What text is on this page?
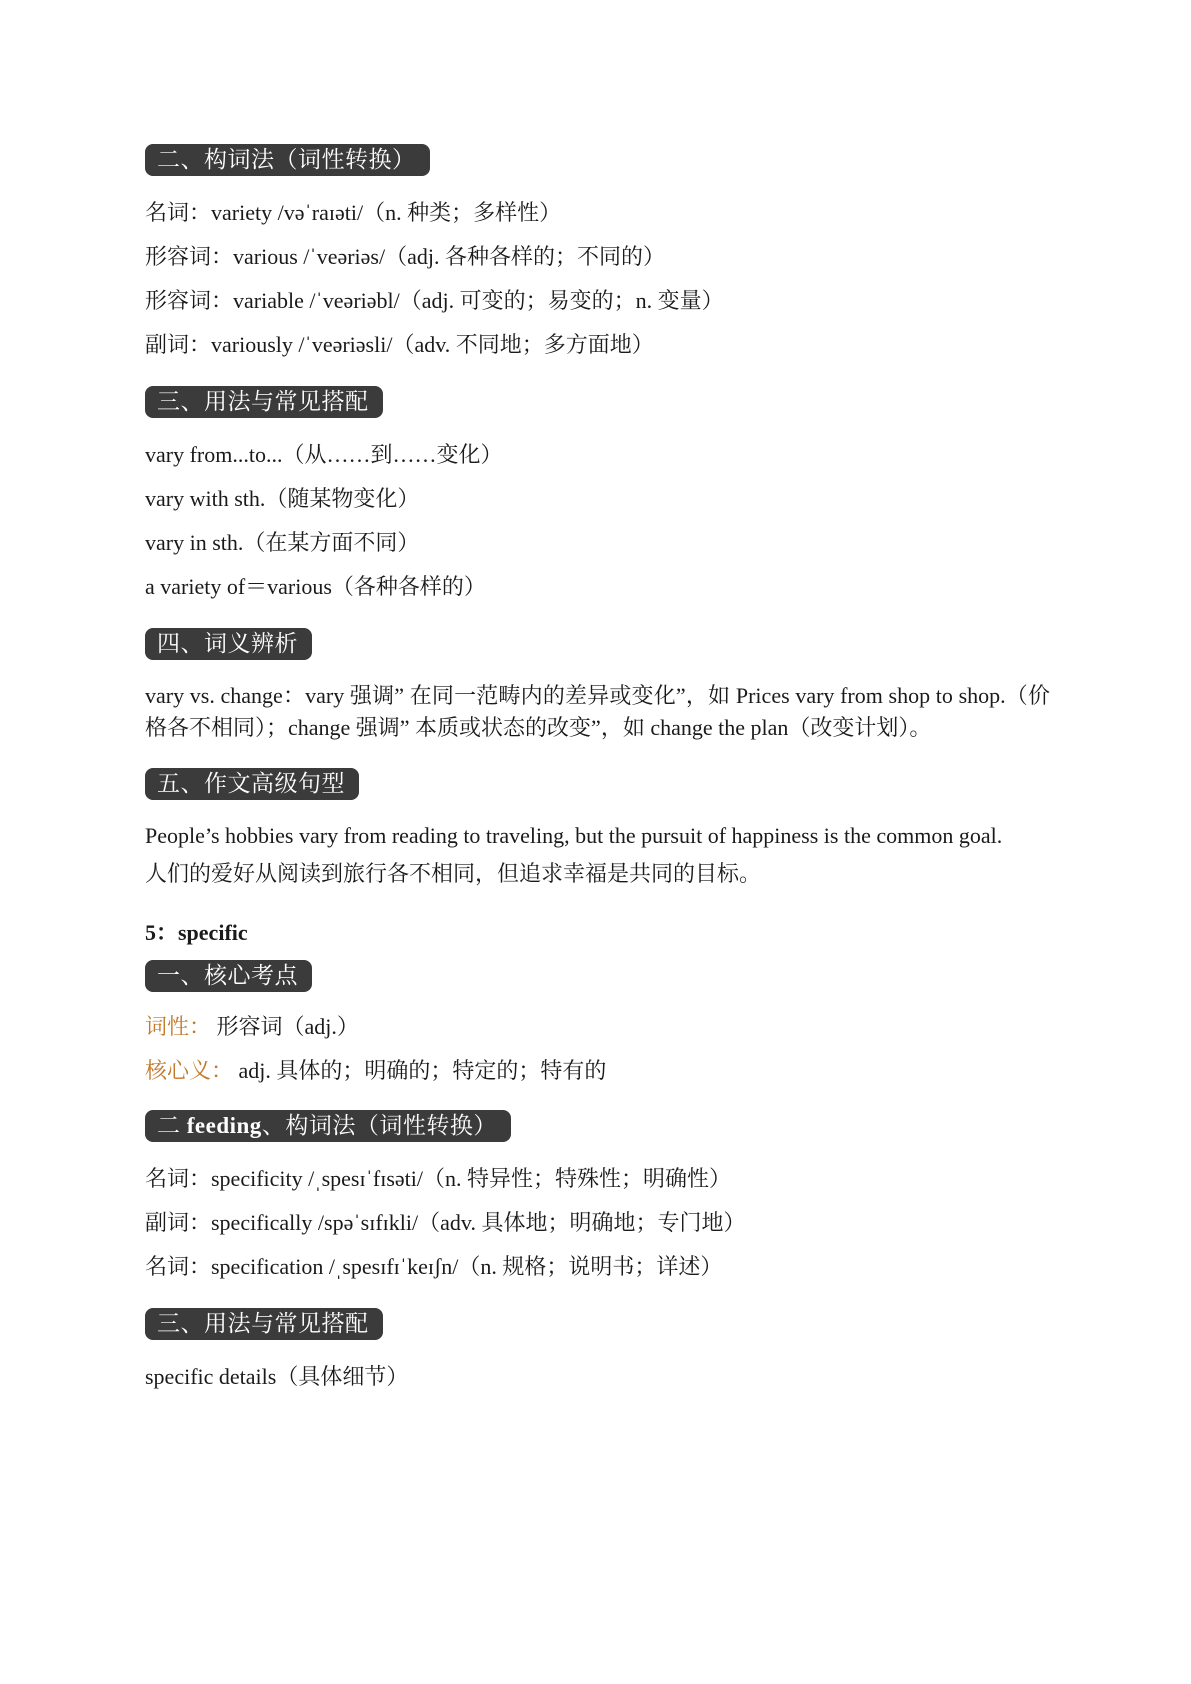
二、构词法（词性转换）

名词：variety /vəˈraɪəti/（n. 种类；多样性）

形容词：various /ˈveəriəs/（adj. 各种各样的；不同的）

形容词：variable /ˈveəriəbl/（adj. 可变的；易变的；n. 变量）

副词：variously /ˈveəriəsli/（adv. 不同地；多方面地）

三、用法与常见搭配

vary from...to...（从……到……变化）

vary with sth.（随某物变化）

vary in sth.（在某方面不同）

a variety of＝various（各种各样的）

四、词义辨析

vary vs. change：vary 强调” 在同一范畴内的差异或变化”，如 Prices vary from shop to shop.（价格各不相同）；change 强调” 本质或状态的改变”，如 change the plan（改变计划）。

五、作文高级句型

People’s hobbies vary from reading to traveling, but the pursuit of happiness is the common goal.

人们的爱好从阅读到旅行各不相同，但追求幸福是共同的目标。

5：specific

一、核心考点

词性： 形容词（adj.）

核心义： adj. 具体的；明确的；特定的；特有的

二 feeding、构词法（词性转换）

名词：specificity /ˌspesɪˈfɪsəti/（n. 特异性；特殊性；明确性）

副词：specifically /spəˈsɪfɪkli/（adv. 具体地；明确地；专门地）

名词：specification /ˌspesɪfɪˈkeɪʃn/（n. 规格；说明书；详述）

三、用法与常见搭配

specific details（具体细节）
